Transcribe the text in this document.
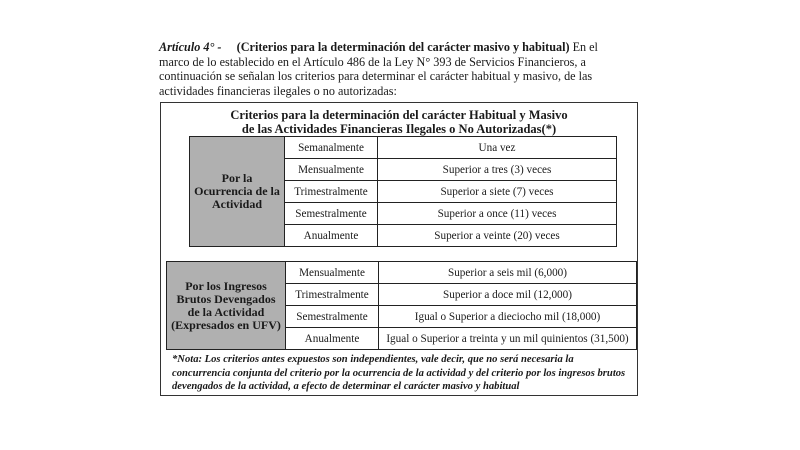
Artículo 4° - (Criterios para la determinación del carácter masivo y habitual) En el marco de lo establecido en el Artículo 486 de la Ley N° 393 de Servicios Financieros, a continuación se señalan los criterios para determinar el carácter habitual y masivo, de las actividades financieras ilegales o no autorizadas:

Criterios para la determinación del carácter Habitual y Masivo
de las Actividades Financieras Ilegales o No Autorizadas(*)
Por la Ocurrencia de la Actividad	Semanalmente	Una vez
	Mensualmente	Superior a tres (3) veces
	Trimestralmente	Superior a siete (7) veces
	Semestralmente	Superior a once (11) veces
	Anualmente	Superior a veinte (20) veces
Por los Ingresos Brutos Devengados de la Actividad (Expresados en UFV)	Mensualmente	Superior a seis mil (6,000)
	Trimestralmente	Superior a doce mil (12,000)
	Semestralmente	Igual o Superior a dieciocho mil (18,000)
	Anualmente	Igual o Superior a treinta y un mil quinientos (31,500)

*Nota: Los criterios antes expuestos son independientes, vale decir, que no será necesaria la concurrencia conjunta del criterio por la ocurrencia de la actividad y del criterio por los ingresos brutos devengados de la actividad, a efecto de determinar el carácter masivo y habitual
